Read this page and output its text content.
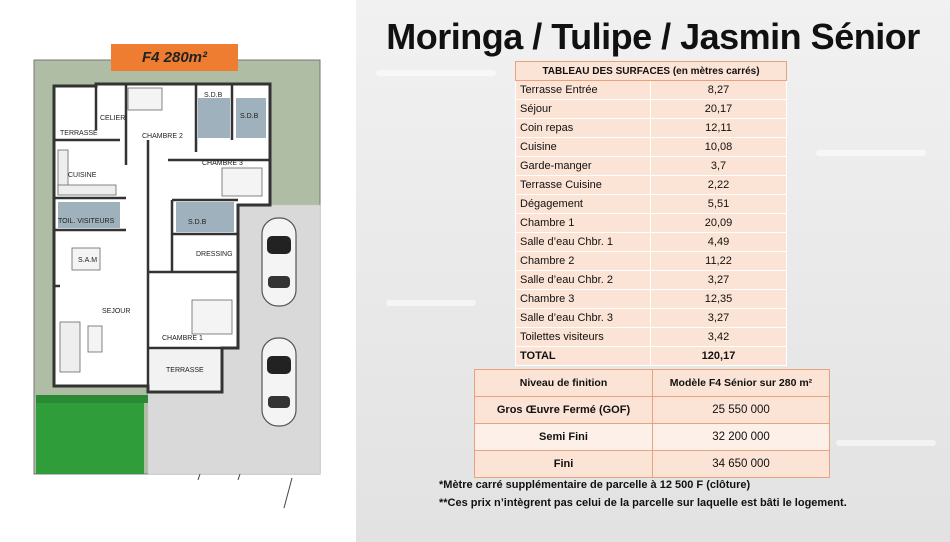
TERRASSE
CELIER
CHAMBRE 2
S.D.B
S.D.B
CHAMBRE 3
CUISINE
TOIL. VISITEURS	S.D.B
DRESSING
S.A.M
SEJOUR
CHAMBRE 1
TERRASSE
F4 280m²
Moringa / Tulipe / Jasmin Sénior
TABLEAU DES SURFACES (en mètres carrés)	
Terrasse Entrée	8,27
Séjour	20,17
Coin repas	12,11
Cuisine	10,08
Garde-manger	3,7
Terrasse Cuisine	2,22
Dégagement	5,51
Chambre 1	20,09
Salle d’eau Chbr. 1	4,49
Chambre 2	11,22
Salle d’eau Chbr. 2	3,27
Chambre 3	12,35
Salle d’eau Chbr. 3	3,27
Toilettes visiteurs	3,42
TOTAL	120,17
Niveau de finition	Modèle F4 Sénior sur 280 m²
Gros Œuvre Fermé (GOF)	25 550 000
Semi Fini	32 200 000
Fini	34 650 000
*Mètre carré supplémentaire de parcelle à 12 500 F (clôture)
**Ces prix n’intègrent pas celui de la parcelle sur laquelle est bâti le logement.
